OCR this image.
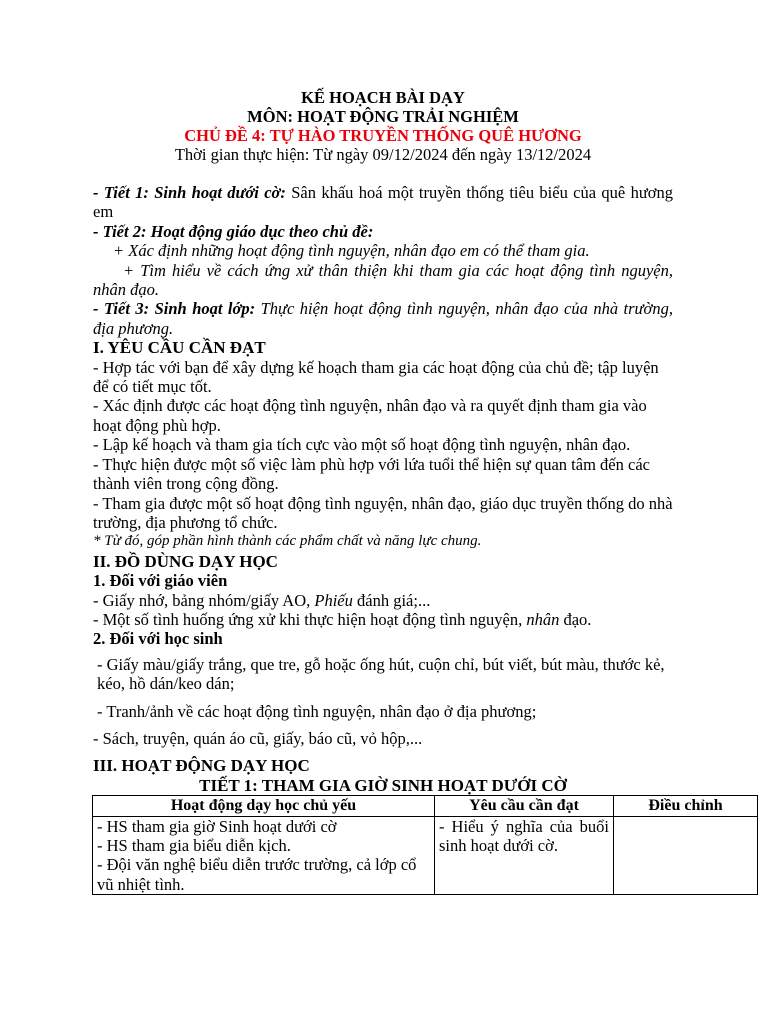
KẾ HOẠCH BÀI DẠY
MÔN: HOẠT ĐỘNG TRẢI NGHIỆM
CHỦ ĐỀ 4: TỰ HÀO TRUYỀN THỐNG QUÊ HƯƠNG
Thời gian thực hiện: Từ ngày 09/12/2024 đến ngày 13/12/2024
- Tiết 1: Sinh hoạt dưới cờ: Sân khấu hoá một truyền thống tiêu biểu của quê hương em
- Tiết 2: Hoạt động giáo dục theo chủ đề:
+ Xác định những hoạt động tình nguyện, nhân đạo em có thể tham gia.
+ Tìm hiểu về cách ứng xử thân thiện khi tham gia các hoạt động tình nguyện, nhân đạo.
- Tiết 3: Sinh hoạt lớp: Thực hiện hoạt động tình nguyện, nhân đạo của nhà trường, địa phương.
I. YÊU CẦU CẦN ĐẠT
- Hợp tác với bạn để xây dựng kế hoạch tham gia các hoạt động của chủ đề; tập luyện để có tiết mục tốt.
- Xác định được các hoạt động tình nguyện, nhân đạo và ra quyết định tham gia vào hoạt động phù hợp.
- Lập kế hoạch và tham gia tích cực vào một số hoạt động tình nguyện, nhân đạo.
- Thực hiện được một số việc làm phù hợp với lứa tuổi thể hiện sự quan tâm đến các thành viên trong cộng đồng.
- Tham gia được một số hoạt động tình nguyện, nhân đạo, giáo dục truyền thống do nhà trường, địa phương tổ chức.
* Từ đó, góp phần hình thành các phẩm chất và năng lực chung.
II. ĐỒ DÙNG DẠY HỌC
1. Đối với giáo viên
- Giấy nhớ, bảng nhóm/giấy AO, Phiếu đánh giá;...
- Một số tình huống ứng xử khi thực hiện hoạt động tình nguyện, nhân đạo.
2. Đối với học sinh
- Giấy màu/giấy trắng, que tre, gỗ hoặc ống hút, cuộn chỉ, bút viết, bút màu, thước kẻ, kéo, hồ dán/keo dán;
- Tranh/ảnh về các hoạt động tình nguyện, nhân đạo ở địa phương;
- Sách, truyện, quán áo cũ, giấy, báo cũ, vỏ hộp,...
III. HOẠT ĐỘNG DẠY HỌC
TIẾT 1: THAM GIA GIỜ SINH HOẠT DƯỚI CỜ
Hoạt động dạy học chủ yếu	Yêu cầu cần đạt	Điều chỉnh

- HS tham gia giờ Sinh hoạt dưới cờ
- HS tham gia biểu diễn kịch.
- Đội văn nghệ biểu diễn trước trường, cả lớp cổ vũ nhiệt tình.	- Hiểu ý nghĩa của buổi sinh hoạt dưới cờ.	
